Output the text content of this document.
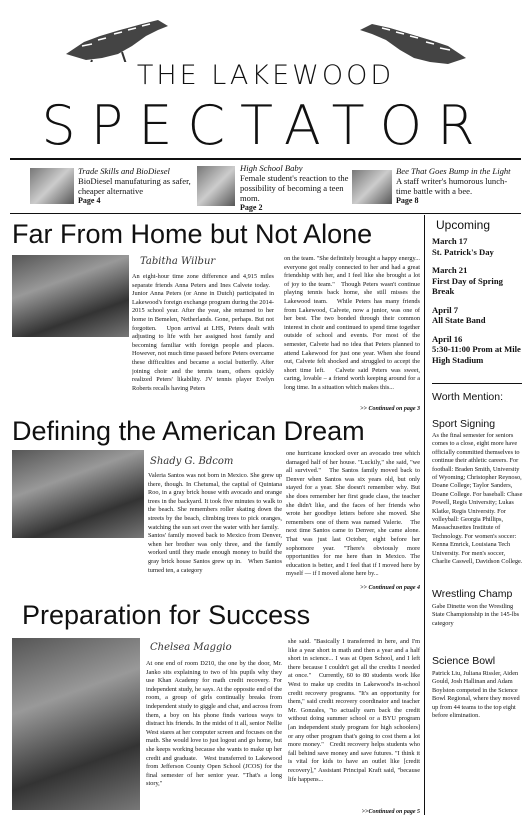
THE LAKEWOOD
SPECTATOR
Trade Skills and BioDiesel
BioDiesel manufaturing as safer, cheaper alternative
Page 4
High School Baby
Female student's reaction to the possibility of becoming a teen mom.
Page 2
Bee That Goes Bump in the Light
A staff writer's humorous lunch-time battle with a bee.
Page 8
Far From Home but Not Alone
Tabitha Wilbur
An eight-hour time zone difference and 4,915 miles separate friends Anna Peters and Ines Calvete today.   Junior Anna Peters (or Anne in Dutch) participated in Lakewood's foreign exchange program during the 2014-2015 school year. After the year, she returned to her home in Bemelen, Netherlands. Gone, perhaps. But not forgotten.   Upon arrival at LHS, Peters dealt with adjusting to life with her assigned host family and becoming familiar with foreign people and places. However, not much time passed before Peters overcame these difficulties and became a social butterfly. After joining choir and the tennis team, others quickly realized Peters' likability. JV tennis player Evelyn Roberts recalls having Peters
on the team. "She definitely brought a happy energy... everyone got really connected to her and had a great friendship with her, and I feel like she brought a lot of joy to the team."   Though Peters wasn't continue playing tennis back home, she still misses the Lakewood team.   While Peters has many friends from Lakewood, Calvete, now a junior, was one of her best. The two bonded through their common interest in choir and continued to spend time together outside of school and events. For most of the semester, Calvete had no idea that Peters planned to attend Lakewood for just one year. When she found out, Calvete felt shocked and struggled to accept the short time left.   Calvete said Peters was sweet, caring, lovable – a friend worth keeping around for a long time. In a situation which makes this...
>> Continued on page 3
Defining the American Dream
Shady G. Bdcom
Valeria Santos was not born in Mexico. She grew up there, though. In Chetumal, the capital of Quintana Roo, in a gray brick house with avocado and orange trees in the backyard. It took five minutes to walk to the beach. She remembers roller skating down the streets by the beach, climbing trees to pick oranges, watching the sun set over the water with her family.   Santos' family moved back to Mexico from Denver, when her brother was only three, and the family worked until they made enough money to build the gray brick house Santos grew up in.   When Santos turned ten, a category
one hurricane knocked over an avocado tree which damaged half of her house. "Luckily," she said, "we all survived."   The Santos family moved back to Denver when Santos was six years old, but only stayed for a year. She doesn't remember why. But she does remember her first grade class, the teacher she didn't like, and the faces of her friends who wrote her goodbye letters before she moved. She remembers one of them was named Valerie.   The next time Santos came to Denver, she came alone. That was just last October, eight before her sophomore year. "There's obviously more opportunities for me here than in Mexico. The education is better, and I feel that if I moved here by myself — if I moved alone here by...
>> Continued on page 4
Preparation for Success
Chelsea Maggio
At one end of room D210, the one by the door, Mr. Janko sits explaining to two of his pupils why they use Khan Academy for math credit recovery. For independent study, he says. At the opposite end of the room, a group of girls continually breaks from independent study to giggle and chat, and across from them, a boy on his phone finds various ways to distract his friends. In the midst of it all, senior Nellie West stares at her computer screen and focuses on the math. She would love to just logout and go home, but she keeps working because she wants to make up her credit and graduate.   West transferred to Lakewood from Jefferson County Open School (JCOS) for the final semester of her senior year. "That's a long story,"
she said. "Basically I transferred in here, and I'm like a year short in math and then a year and a half short in science... I was at Open School, and I left there because I couldn't get all the credits I needed at once."   Currently, 60 to 80 students work like West to make up credits in Lakewood's in-school credit recovery programs. "It's an opportunity for them," said credit recovery coordinator and teacher Mr. Gonzales, "to actually earn back the credit without doing summer school or a BYU program [an independent study program for high schoolers] or any other program that's going to cost them a lot more money."   Credit recovery helps students who fall behind save money and save futures. "I think it is vital for kids to have an outlet like [credit recovery]," Assistant Principal Kraft said, "because life happens...
>>Continued on page 5
Upcoming
March 17
St. Patrick's Day
March 21
First Day of Spring Break
April 7
All State Band
April 16
5:30-11:00 Prom at Mile High Stadium
Worth Mention:
Sport Signing
As the final semester for seniors comes to a close, eight more have officially committed themselves to continue their athletic careers. For football: Braden Smith, University of Wyoming; Christopher Reynoso, Doane College; Taylor Sanders, Doane College. For baseball: Chase Powell, Regis University; Lukas Klatke, Regis University. For volleyball: Georgia Phillips, Massachusettes Institute of Technology. For women's soccer: Kenna Emrick, Louisiana Tech University. For men's soccer, Charlie Caswell, Davidson College.
Wrestling Champ
Gabe Dinette won the Wrestling State Championship in the 145-lbs category
Science Bowl
Patrick Liu, Juliana Rissler, Aiden Gould, Josh Hallinan and Adam Boylston competed in the Science Bowl Regional, where they moved up from 44 teams to the top eight before elimination.
